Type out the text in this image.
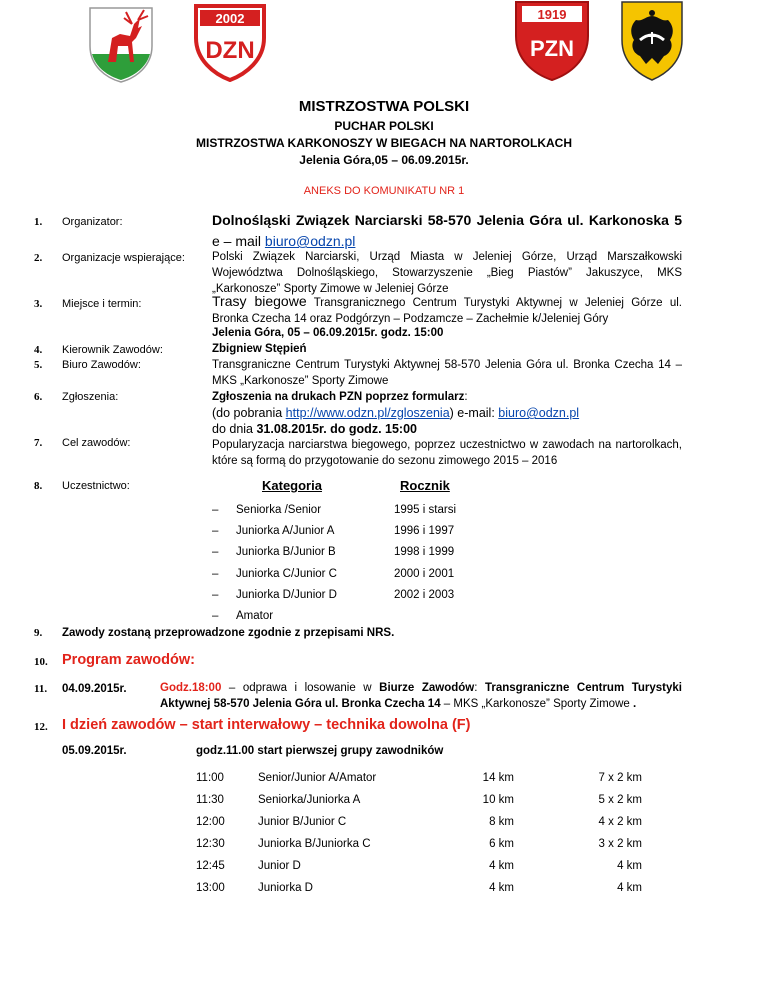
2002
DZN
1919
PZN
MISTRZOSTWA POLSKI
PUCHAR POLSKI
MISTRZOSTWA KARKONOSZY W BIEGACH NA NARTOROLKACH
Jelenia Góra,05 – 06.09.2015r.
ANEKS DO KOMUNIKATU NR 1
1. Organizator:	Dolnośląski Związek Narciarski 58-570 Jelenia Góra ul. Karkonoska 5 e – mail biuro@odzn.pl
2. Organizacje wspierające: Polski Związek Narciarski, Urząd Miasta w Jeleniej Górze, Urząd Marszałkowski Województwa Dolnośląskiego, Stowarzyszenie „Bieg Piastów” Jakuszyce, MKS „Karkonosze” Sporty Zimowe w Jeleniej Górze
3. Miejsce i termin:	Trasy biegowe Transgranicznego Centrum Turystyki Aktywnej w Jeleniej Górze ul. Bronka Czecha 14 oraz Podgórzyn – Podzamcze – Zachełmie k/Jeleniej Góry
Jelenia Góra, 05 – 06.09.2015r. godz. 15:00
4. Kierownik Zawodów:	Zbigniew Stępień
5. Biuro Zawodów:	Transgraniczne Centrum Turystyki Aktywnej 58-570 Jelenia Góra ul. Bronka Czecha 14 – MKS „Karkonosze” Sporty Zimowe
6. Zgłoszenia:	Zgłoszenia na drukach PZN poprzez formularz:
(do pobrania http://www.odzn.pl/zgloszenia) e-mail: biuro@odzn.pl
do dnia 31.08.2015r. do godz. 15:00
7. Cel zawodów:	Popularyzacja narciarstwa biegowego, poprzez uczestnictwo w zawodach na nartorolkach, które są formą do przygotowanie do sezonu zimowego 2015 – 2016
8. Uczestnictwo:	Kategoria	Rocznik
– Seniorka /Senior	1995 i starsi
– Juniorka A/Junior A	1996 i 1997
– Juniorka B/Junior B	1998 i 1999
– Juniorka C/Junior C	2000 i 2001
– Juniorka D/Junior D	2002 i 2003
– Amator
9. Zawody zostaną przeprowadzone zgodnie z przepisami NRS.
10. Program zawodów:
11. 04.09.2015r.	Godz.18:00 – odprawa i losowanie w Biurze Zawodów: Transgraniczne Centrum Turystyki Aktywnej 58-570 Jelenia Góra ul. Bronka Czecha 14 – MKS „Karkonosze” Sporty Zimowe .
12. I dzień zawodów – start interwałowy – technika dowolna (F)
05.09.2015r.	godz.11.00 start pierwszej grupy zawodników
11:00	Senior/Junior A/Amator	14 km	7 x 2 km
11:30	Seniorka/Juniorka A	10 km	5 x 2 km
12:00	Junior B/Junior C	8 km	4 x 2 km
12:30	Juniorka B/Juniorka C	6 km	3 x 2 km
12:45	Junior D	4 km	4 km
13:00	Juniorka D	4 km	4 km
